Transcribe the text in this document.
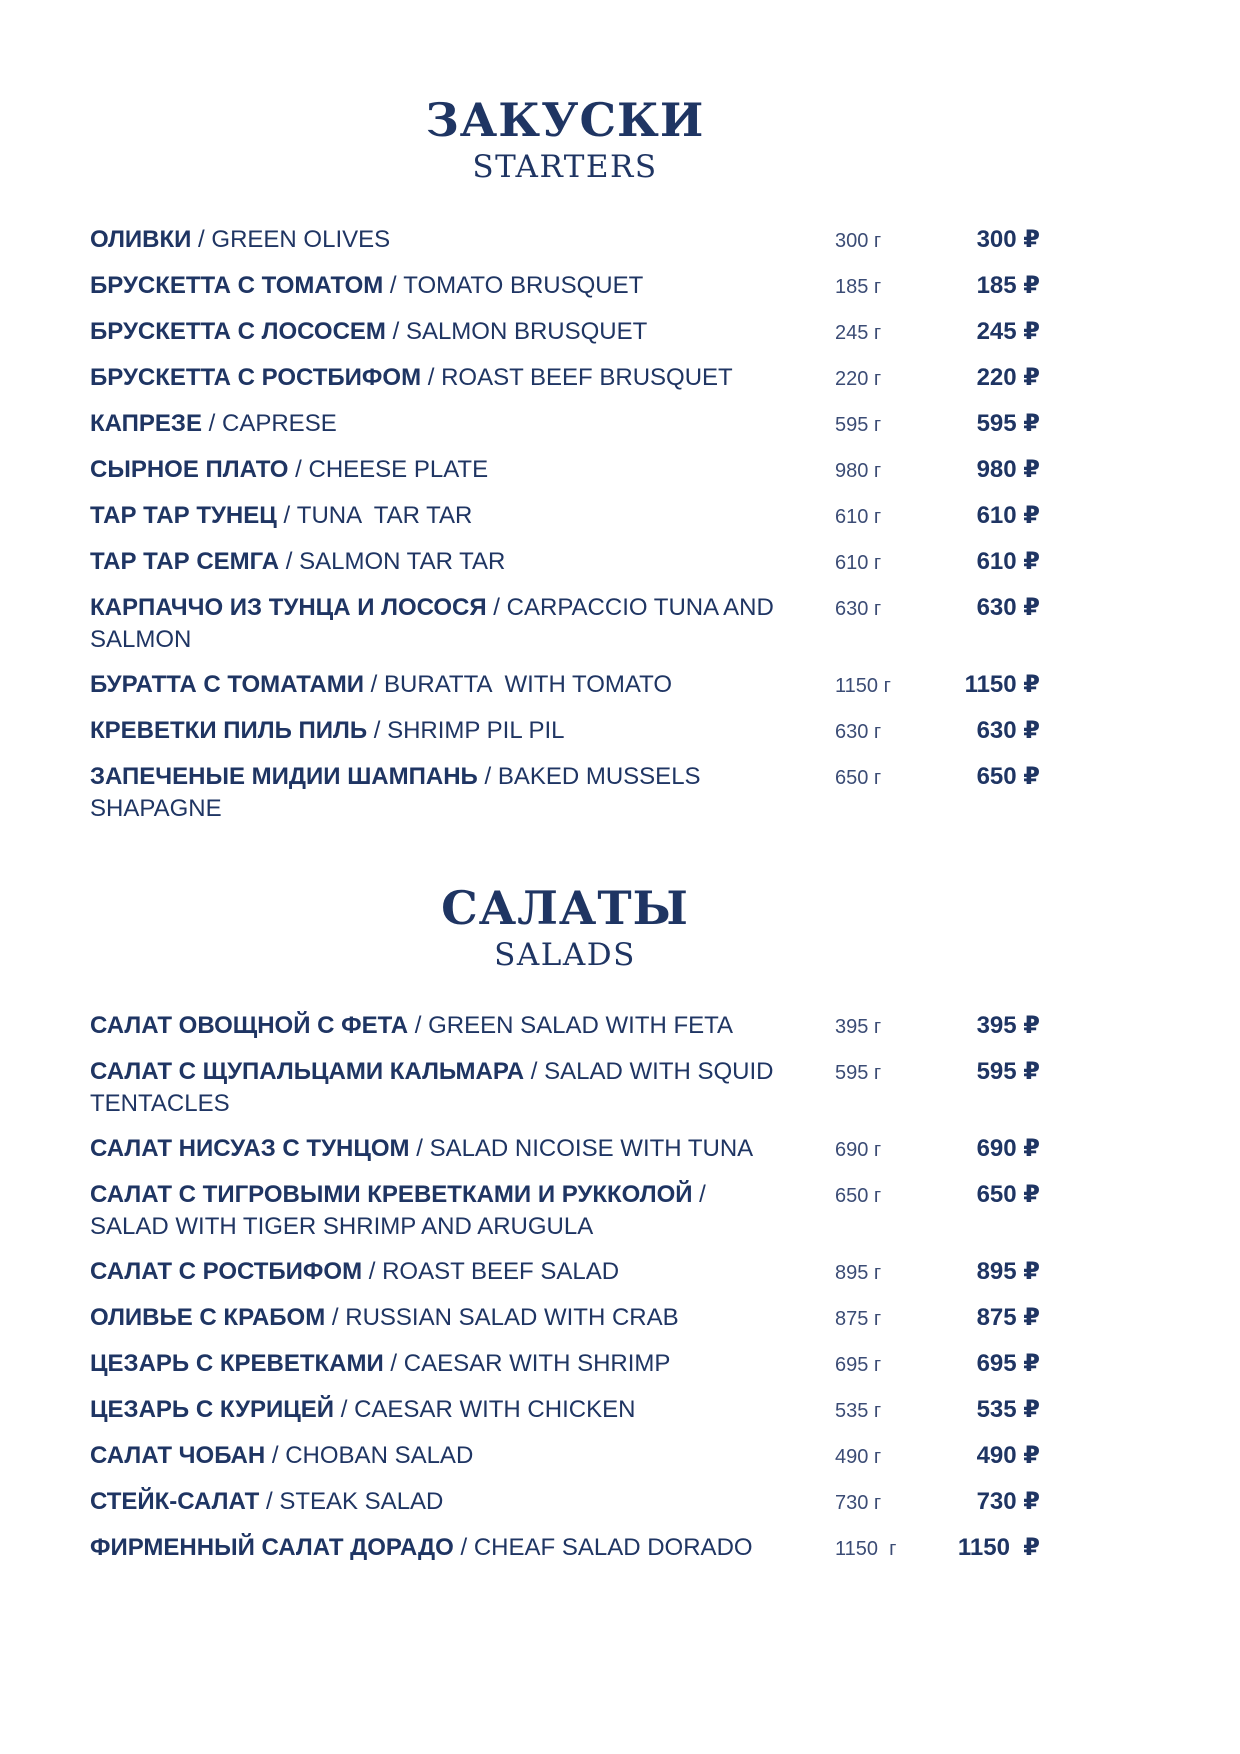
ЗАКУСКИ
STARTERS
ОЛИВКИ / GREEN OLIVES	300 г	300 ₽
БРУСКЕТТА С ТОМАТОМ / TOMATO BRUSQUET	185 г	185 ₽
БРУСКЕТТА С ЛОСОСЕМ / SALMON BRUSQUET	245 г	245 ₽
БРУСКЕТТА С РОСТБИФОМ / ROAST BEEF BRUSQUET	220 г	220 ₽
КАПРЕЗЕ / CAPRESE	595 г	595 ₽
СЫРНОЕ ПЛАТО / CHEESE PLATE	980 г	980 ₽
ТАР ТАР ТУНЕЦ / TUNA  TAR TAR	610 г	610 ₽
ТАР ТАР СЕМГА / SALMON TAR TAR	610 г	610 ₽
КАРПАЧЧО ИЗ ТУНЦА И ЛОСОСЯ / CARPACCIO TUNA AND SALMON
630 г	630 ₽
БУРАТТА С ТОМАТАМИ / BURATTA  WITH TOMATO	1150 г	1150 ₽
КРЕВЕТКИ ПИЛЬ ПИЛЬ / SHRIMP PIL PIL	630 г	630 ₽
ЗАПЕЧЕНЫЕ МИДИИ ШАМПАНЬ / BAKED MUSSELS SHAPAGNE
650 г	650 ₽
САЛАТЫ
SALADS
САЛАТ ОВОЩНОЙ С ФЕТА / GREEN SALAD WITH FETA	395 г	395 ₽
САЛАТ С ЩУПАЛЬЦАМИ КАЛЬМАРА / SALAD WITH SQUID TENTACLES
595 г	595 ₽
САЛАТ НИСУАЗ С ТУНЦОМ / SALAD NICOISE WITH TUNA	690 г	690 ₽
САЛАТ С ТИГРОВЫМИ КРЕВЕТКАМИ И РУККОЛОЙ / SALAD WITH TIGER SHRIMP AND ARUGULA
650 г	650 ₽
САЛАТ С РОСТБИФОМ / ROAST BEEF SALAD	895 г	895 ₽
ОЛИВЬЕ С КРАБОМ / RUSSIAN SALAD WITH CRAB	875 г	875 ₽
ЦЕЗАРЬ С КРЕВЕТКАМИ / CAESAR WITH SHRIMP	695 г	695 ₽
ЦЕЗАРЬ С КУРИЦЕЙ / CAESAR WITH CHICKEN	535 г	535 ₽
САЛАТ ЧОБАН / CHOBAN SALAD	490 г	490 ₽
СТЕЙК-САЛАТ / STEAK SALAD	730 г	730 ₽
ФИРМЕННЫЙ САЛАТ ДОРАДО / CHEAF SALAD DORADO	1150  г	1150  ₽
